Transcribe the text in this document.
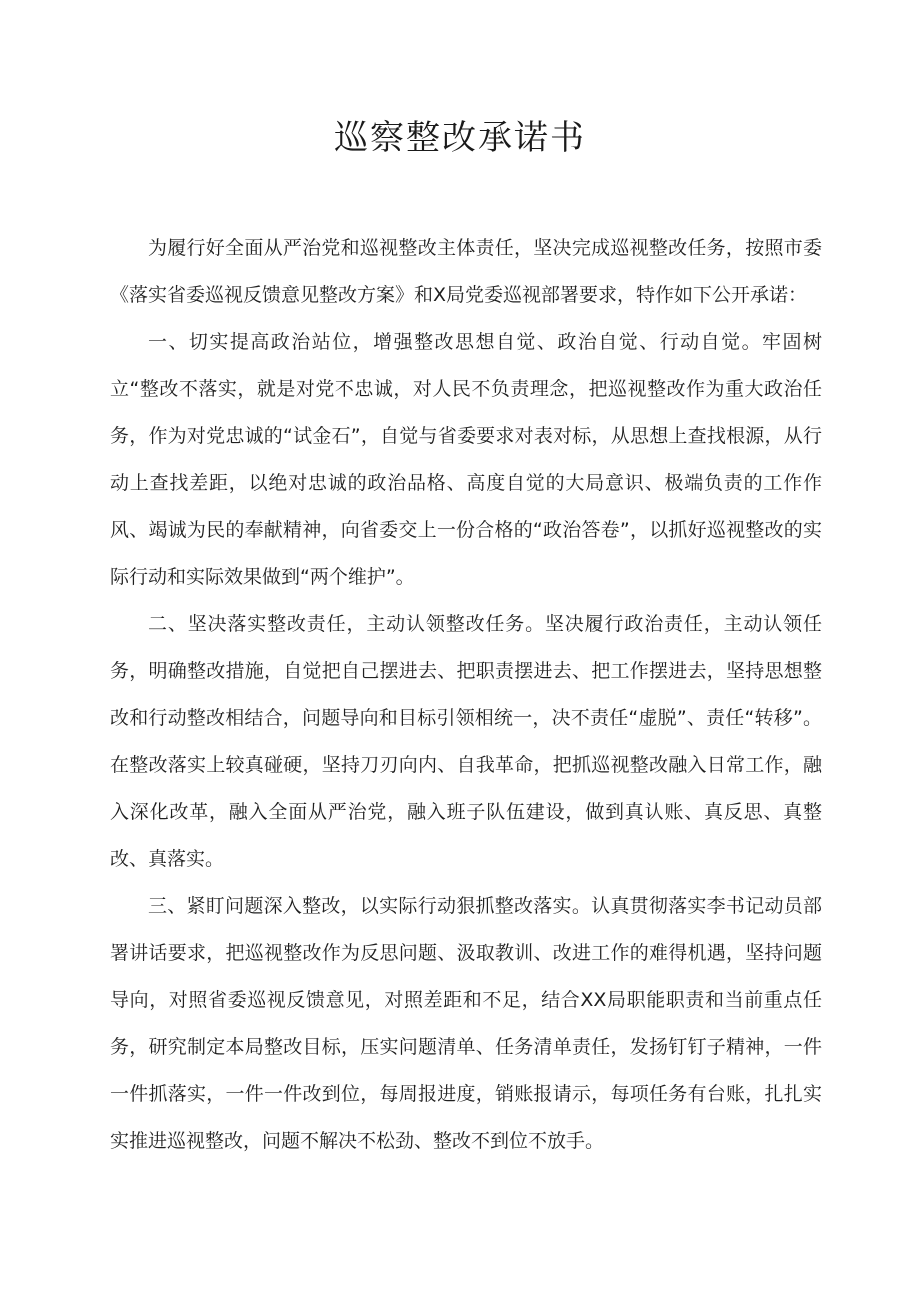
巡察整改承诺书

为履行好全面从严治党和巡视整改主体责任，坚决完成巡视整改任务，按照市委《落实省委巡视反馈意见整改方案》和X局党委巡视部署要求，特作如下公开承诺：

一、切实提高政治站位，增强整改思想自觉、政治自觉、行动自觉。牢固树立“整改不落实，就是对党不忠诚，对人民不负责理念，把巡视整改作为重大政治任务，作为对党忠诚的“试金石”，自觉与省委要求对表对标，从思想上查找根源，从行动上查找差距，以绝对忠诚的政治品格、高度自觉的大局意识、极端负责的工作作风、竭诚为民的奉献精神，向省委交上一份合格的“政治答卷”，以抓好巡视整改的实际行动和实际效果做到“两个维护”。

二、坚决落实整改责任，主动认领整改任务。坚决履行政治责任，主动认领任务，明确整改措施，自觉把自己摆进去、把职责摆进去、把工作摆进去，坚持思想整改和行动整改相结合，问题导向和目标引领相统一，决不责任“虚脱”、责任“转移”。在整改落实上较真碰硬，坚持刀刃向内、自我革命，把抓巡视整改融入日常工作，融入深化改革，融入全面从严治党，融入班子队伍建设，做到真认账、真反思、真整改、真落实。

三、紧盯问题深入整改，以实际行动狠抓整改落实。认真贯彻落实李书记动员部署讲话要求，把巡视整改作为反思问题、汲取教训、改进工作的难得机遇，坚持问题导向，对照省委巡视反馈意见，对照差距和不足，结合XX局职能职责和当前重点任务，研究制定本局整改目标，压实问题清单、任务清单责任，发扬钉钉子精神，一件一件抓落实，一件一件改到位，每周报进度，销账报请示，每项任务有台账，扎扎实实推进巡视整改，问题不解决不松劲、整改不到位不放手。
